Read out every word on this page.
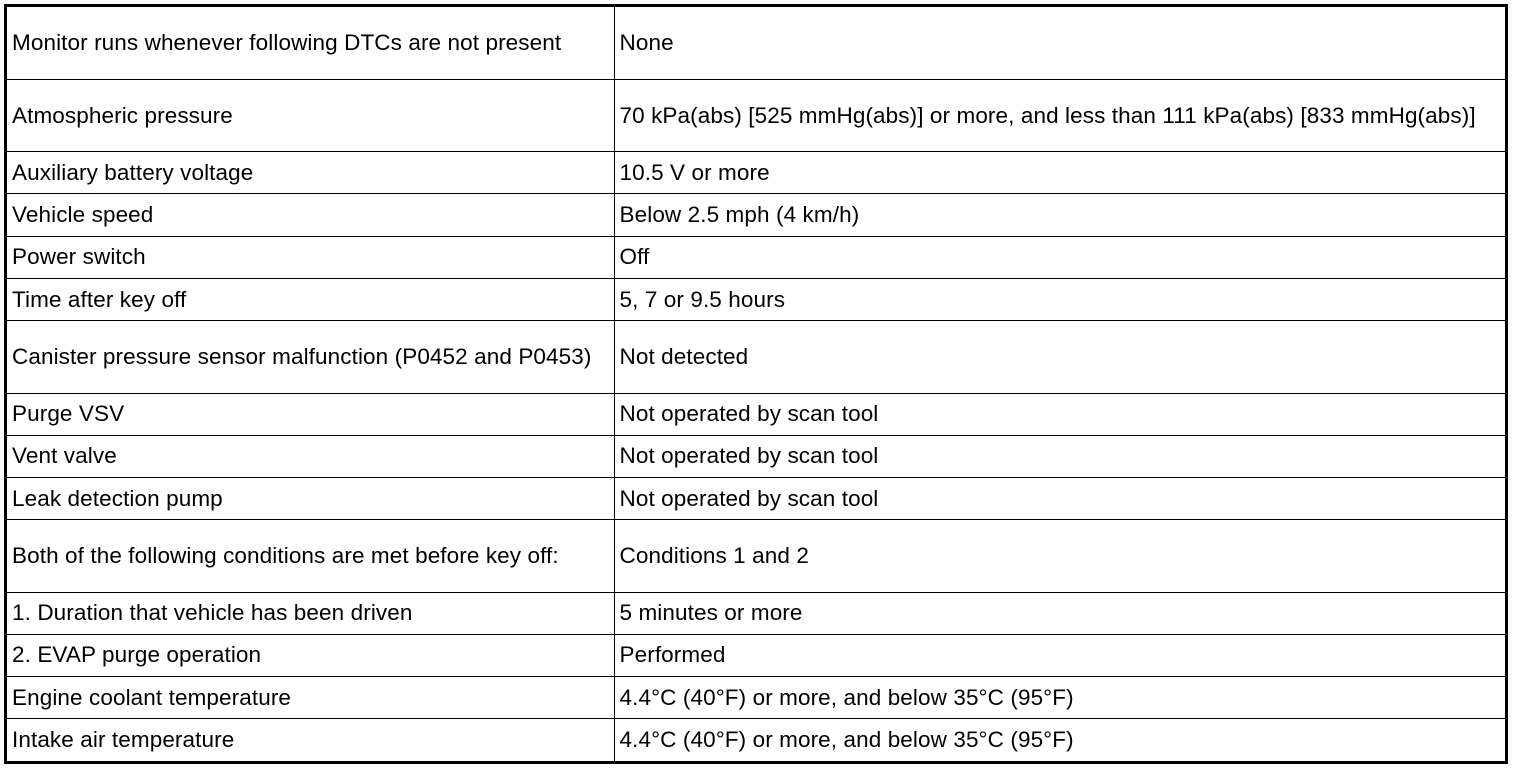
Monitor runs whenever following DTCs are not present	None
Atmospheric pressure	70 kPa(abs) [525 mmHg(abs)] or more, and less than 111 kPa(abs) [833 mmHg(abs)]
Auxiliary battery voltage	10.5 V or more
Vehicle speed	Below 2.5 mph (4 km/h)
Power switch	Off
Time after key off	5, 7 or 9.5 hours
Canister pressure sensor malfunction (P0452 and P0453)	Not detected
Purge VSV	Not operated by scan tool
Vent valve	Not operated by scan tool
Leak detection pump	Not operated by scan tool
Both of the following conditions are met before key off:	Conditions 1 and 2
1. Duration that vehicle has been driven	5 minutes or more
2. EVAP purge operation	Performed
Engine coolant temperature	4.4°C (40°F) or more, and below 35°C (95°F)
Intake air temperature	4.4°C (40°F) or more, and below 35°C (95°F)
